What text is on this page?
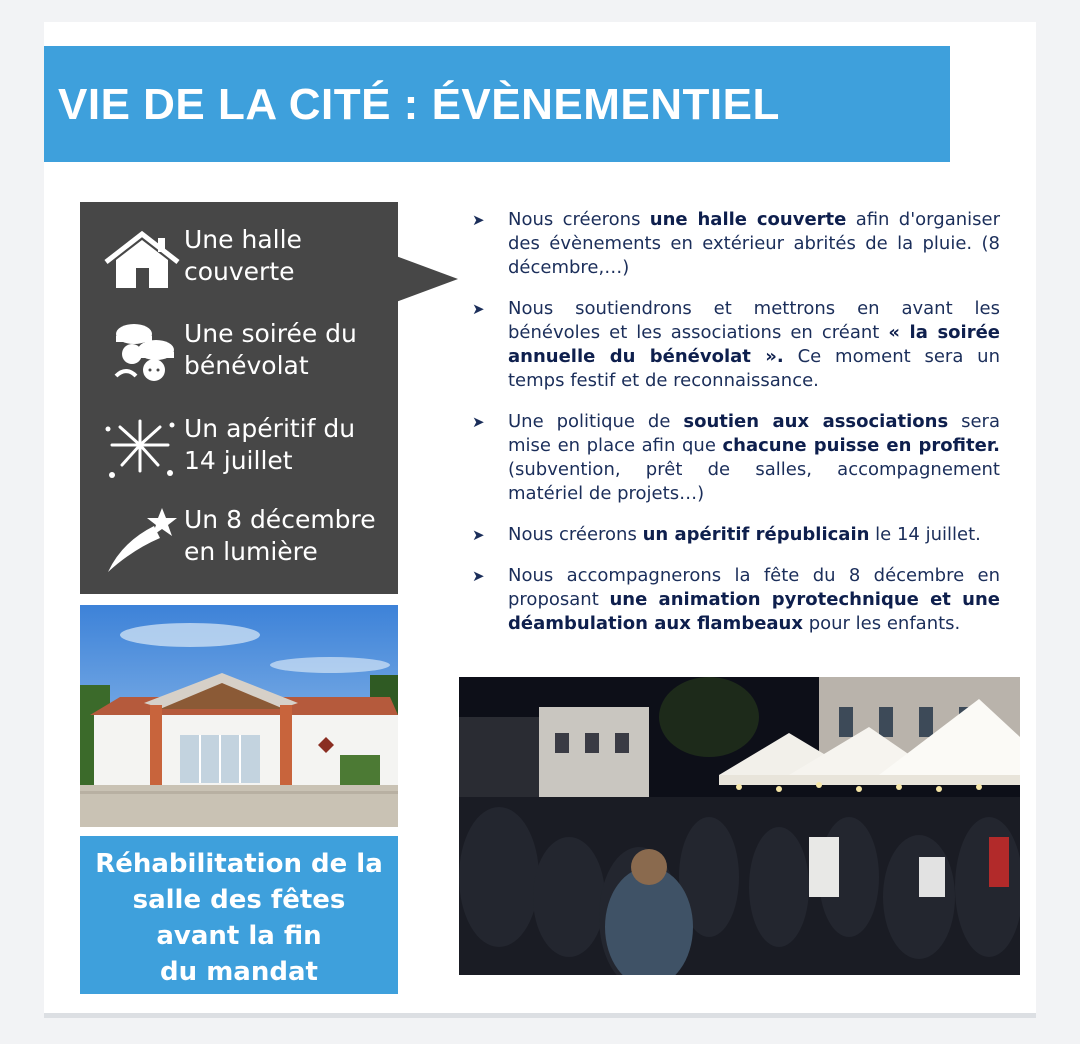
VIE DE LA CITÉ : ÉVÈNEMENTIEL
Une halle
couverte
Une soirée du
bénévolat
Un apéritif du
14 juillet
Un 8 décembre
en lumière
Réhabilitation de la
salle des fêtes
avant la fin
du mandat
➤ Nous créerons une halle couverte afin d'organiser des évènements en extérieur abrités de la pluie. (8 décembre,…)
➤ Nous soutiendrons et mettrons en avant les bénévoles et les associations en créant « la soirée annuelle du bénévolat ». Ce moment sera un temps festif et de reconnaissance.
➤ Une politique de soutien aux associations sera mise en place afin que chacune puisse en profiter. (subvention, prêt de salles, accompagnement matériel de projets…)
➤ Nous créerons un apéritif républicain le 14 juillet.
➤ Nous accompagnerons la fête du 8 décembre en proposant une animation pyrotechnique et une déambulation aux flambeaux pour les enfants.
